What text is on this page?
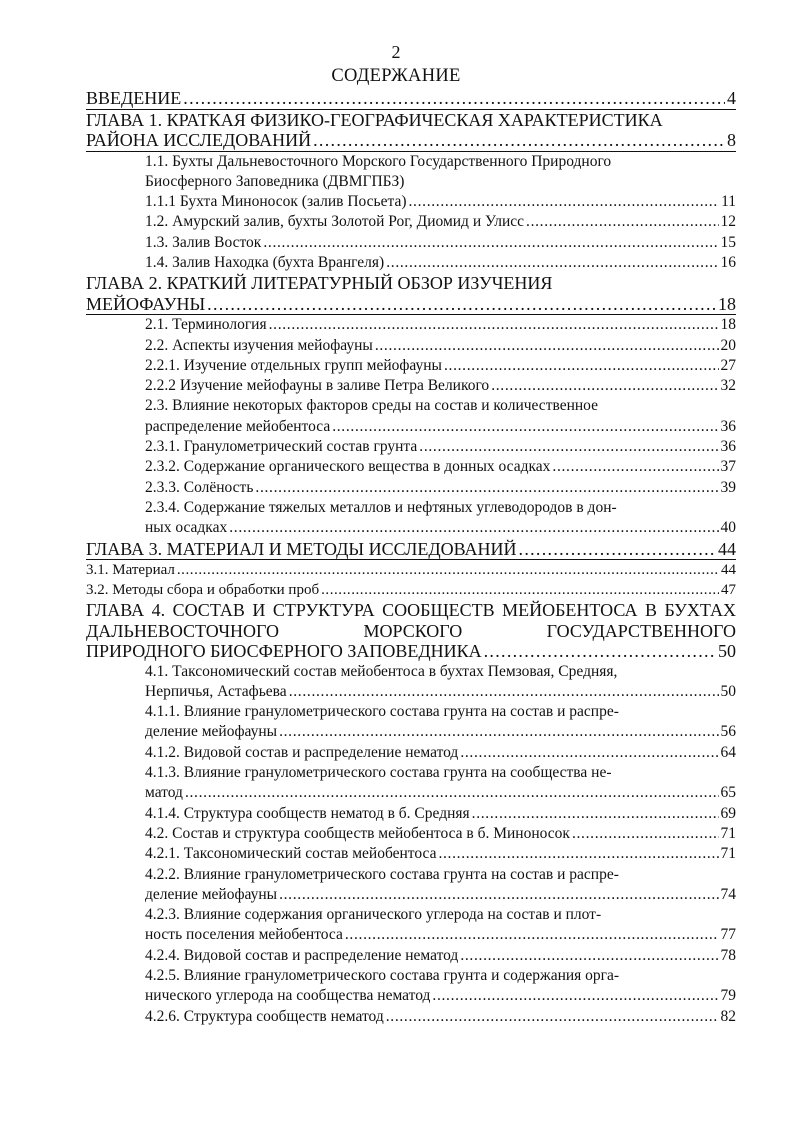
2
СОДЕРЖАНИЕ
ВВЕДЕНИЕ . . .	4
ГЛАВА 1. КРАТКАЯ ФИЗИКО-ГЕОГРАФИЧЕСКАЯ ХАРАКТЕРИСТИКА
РАЙОНА ИССЛЕДОВАНИЙ . . .	8
1.1. Бухты Дальневосточного Морского Государственного Природного
Биосферного Заповедника (ДВМГПБЗ)
1.1.1 Бухта Миноносок (залив Посьета) . . .	11
1.2. Амурский залив, бухты Золотой Рог, Диомид и Улисс . . .	12
1.3. Залив Восток . . .	15
1.4. Залив Находка (бухта Врангеля) . . .	16
ГЛАВА 2. КРАТКИЙ ЛИТЕРАТУРНЫЙ ОБЗОР ИЗУЧЕНИЯ
МЕЙОФАУНЫ . . .	18
2.1. Терминология . . .	18
2.2. Аспекты изучения мейофауны . . .	20
2.2.1. Изучение отдельных групп мейофауны . . .	27
2.2.2 Изучение мейофауны в заливе Петра Великого . . .	32
2.3. Влияние некоторых факторов среды на состав и количественное
распределение мейобентоса . . .	36
2.3.1. Гранулометрический состав грунта . . .	36
2.3.2. Содержание органического вещества в донных осадках . . .	37
2.3.3. Солёность . . .	39
2.3.4. Содержание тяжелых металлов и нефтяных углеводородов в дон-
ных осадках . . .	40
ГЛАВА 3. МАТЕРИАЛ И МЕТОДЫ ИССЛЕДОВАНИЙ . . .	44
3.1. Материал . . .	44
3.2. Методы сбора и обработки проб . . .	47
ГЛАВА 4. СОСТАВ И СТРУКТУРА СООБЩЕСТВ МЕЙОБЕНТОСА В БУХТАХ ДАЛЬНЕВОСТОЧНОГО МОРСКОГО ГОСУДАРСТВЕННОГО
ПРИРОДНОГО БИОСФЕРНОГО ЗАПОВЕДНИКА . . .	50
4.1. Таксономический состав мейобентоса в бухтах Пемзовая, Средняя,
Нерпичья, Астафьева . . .	50
4.1.1. Влияние гранулометрического состава грунта на состав и распре-
деление мейофауны . . .	56
4.1.2. Видовой состав и распределение нематод . . .	64
4.1.3. Влияние гранулометрического состава грунта на сообщества не-
матод . . .	65
4.1.4. Структура сообществ нематод в б. Средняя . . .	69
4.2. Состав и структура сообществ мейобентоса в б. Миноносок . . .	71
4.2.1. Таксономический состав мейобентоса . . .	71
4.2.2. Влияние гранулометрического состава грунта на состав и распре-
деление мейофауны . . .	74
4.2.3. Влияние содержания органического углерода на состав и плот-
ность поселения мейобентоса . . .	77
4.2.4. Видовой состав и распределение нематод . . .	78
4.2.5. Влияние гранулометрического состава грунта и содержания орга-
нического углерода на сообщества нематод . . .	79
4.2.6. Структура сообществ нематод . . .	82
